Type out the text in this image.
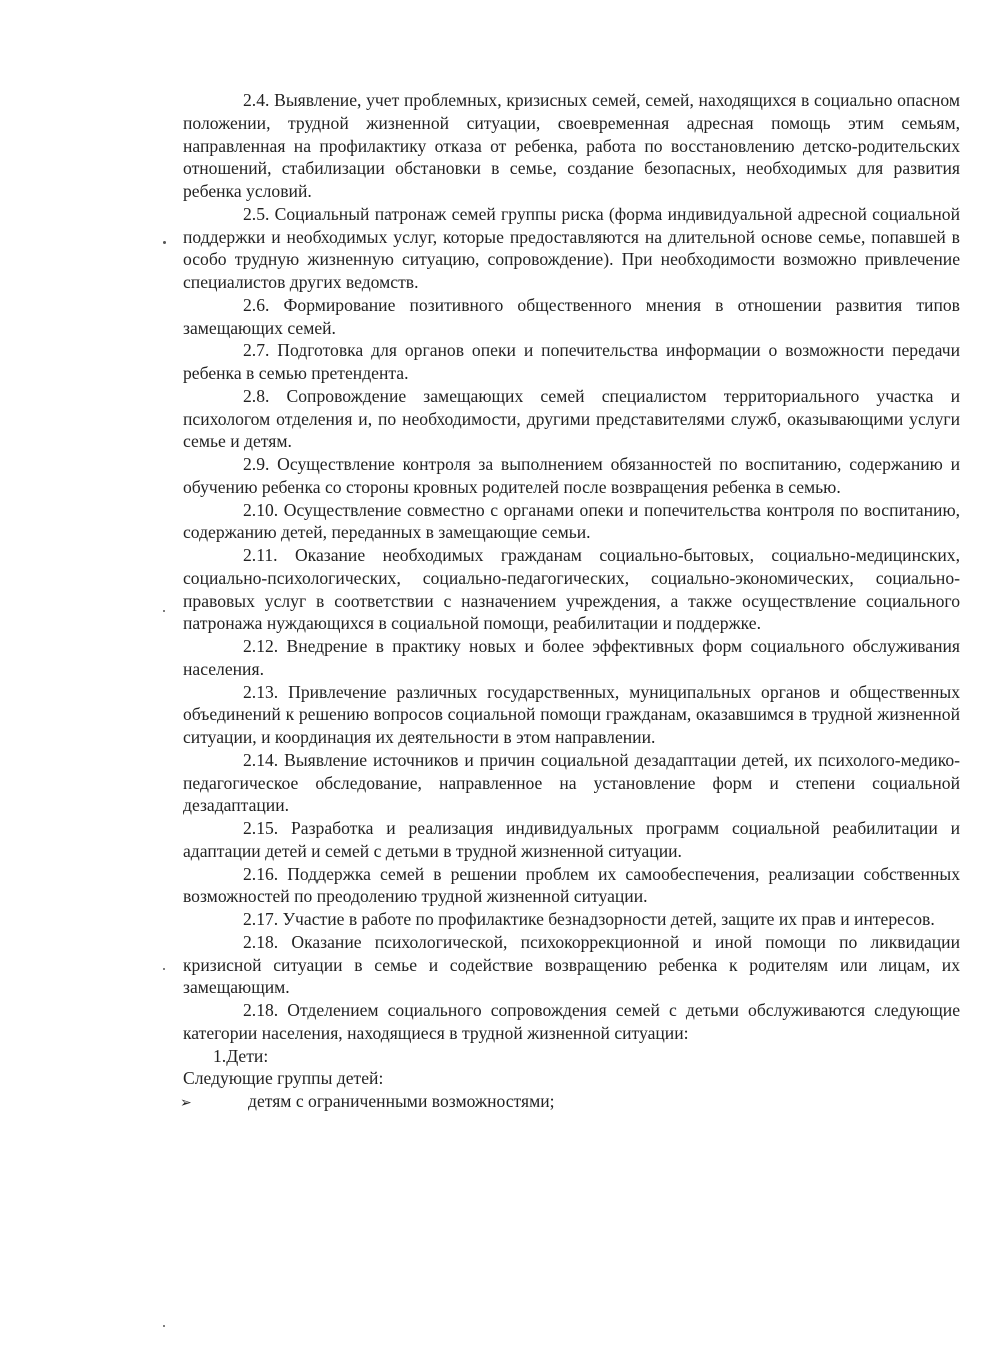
2.4. Выявление, учет проблемных, кризисных семей, семей, находящихся в социально опасном положении, трудной жизненной ситуации, своевременная адресная помощь этим семьям, направленная на профилактику отказа от ребенка, работа по восстановлению детско-родительских отношений, стабилизации обстановки в семье, создание безопасных, необходимых для развития ребенка условий.

2.5. Социальный патронаж семей группы риска (форма индивидуальной адресной социальной поддержки и необходимых услуг, которые предоставляются на длительной основе семье, попавшей в особо трудную жизненную ситуацию, сопровождение). При необходимости возможно привлечение специалистов других ведомств.

2.6. Формирование позитивного общественного мнения в отношении развития типов замещающих семей.

2.7. Подготовка для органов опеки и попечительства информации о возможности передачи ребенка в семью претендента.

2.8. Сопровождение замещающих семей специалистом территориального участка и психологом отделения и, по необходимости, другими представителями служб, оказывающими услуги семье и детям.

2.9. Осуществление контроля за выполнением обязанностей по воспитанию, содержанию и обучению ребенка со стороны кровных родителей после возвращения ребенка в семью.

2.10. Осуществление совместно с органами опеки и попечительства контроля по воспитанию, содержанию детей, переданных в замещающие семьи.

2.11. Оказание необходимых гражданам социально-бытовых, социально-медицинских, социально-психологических, социально-педагогических, социально-экономических, социально-правовых услуг в соответствии с назначением учреждения, а также осуществление социального патронажа нуждающихся в социальной помощи, реабилитации и поддержке.

2.12. Внедрение в практику новых и более эффективных форм социального обслуживания населения.

2.13. Привлечение различных государственных, муниципальных органов и общественных объединений к решению вопросов социальной помощи гражданам, оказавшимся в трудной жизненной ситуации, и координация их деятельности в этом направлении.

2.14. Выявление источников и причин социальной дезадаптации детей, их психолого-медико-педагогическое обследование, направленное на установление форм и степени социальной дезадаптации.

2.15. Разработка и реализация индивидуальных программ социальной реабилитации и адаптации детей и семей с детьми в трудной жизненной ситуации.

2.16. Поддержка семей в решении проблем их самообеспечения, реализации собственных возможностей по преодолению трудной жизненной ситуации.

2.17. Участие в работе по профилактике безнадзорности детей, защите их прав и интересов.

2.18. Оказание психологической, психокоррекционной и иной помощи по ликвидации кризисной ситуации в семье и содействие возвращению ребенка к родителям или лицам, их замещающим.

2.18. Отделением социального сопровождения семей с детьми обслуживаются следующие категории населения, находящиеся в трудной жизненной ситуации:

1.Дети:

Следующие группы детей:

➢	детям с ограниченными возможностями;
